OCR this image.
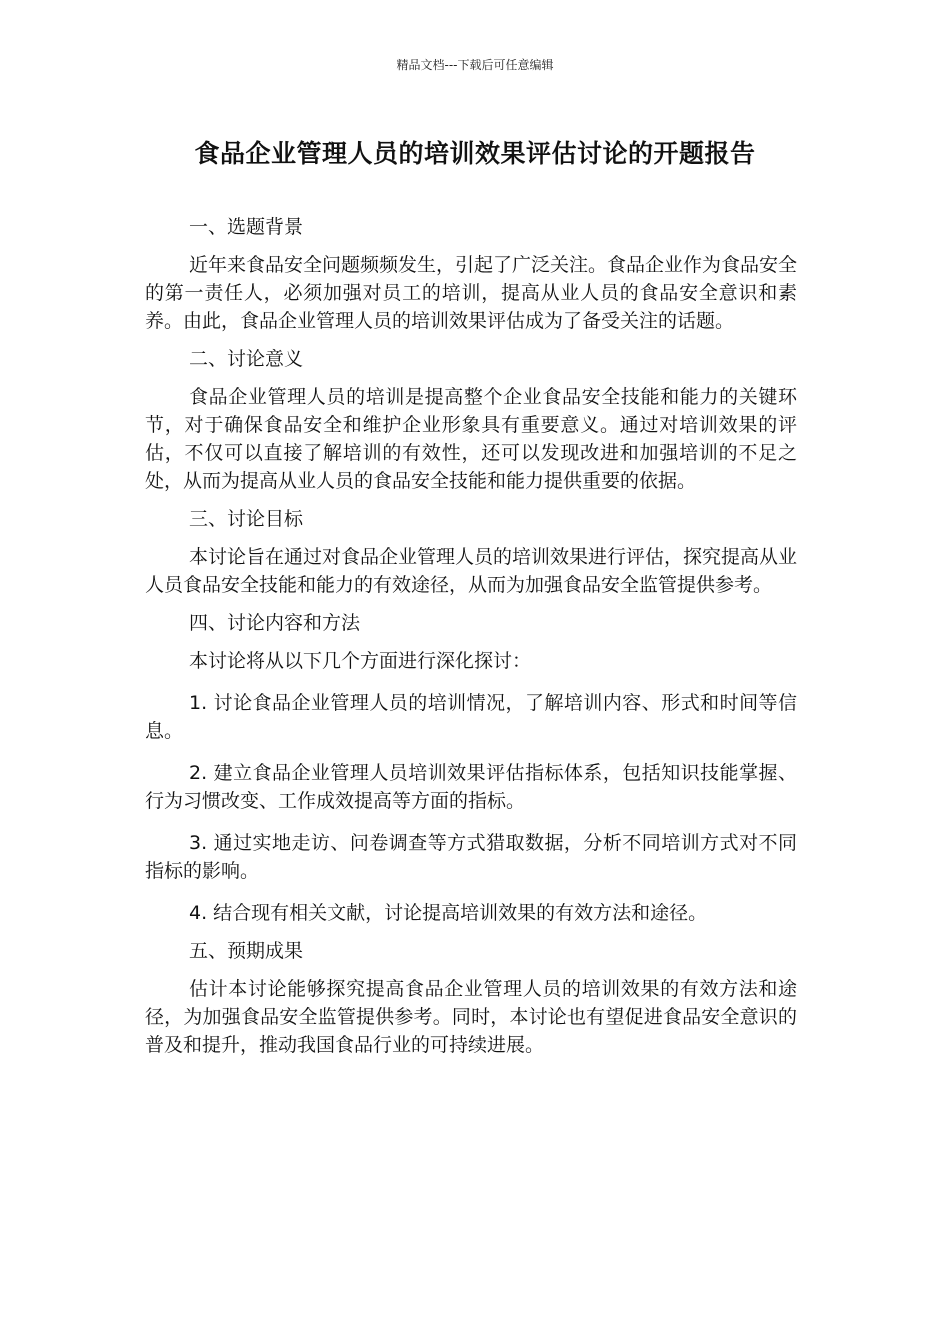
精品文档---下载后可任意编辑
食品企业管理人员的培训效果评估讨论的开题报告

一、选题背景

近年来食品安全问题频频发生，引起了广泛关注。食品企业作为食品安全的第一责任人，必须加强对员工的培训，提高从业人员的食品安全意识和素养。由此，食品企业管理人员的培训效果评估成为了备受关注的话题。

二、讨论意义

食品企业管理人员的培训是提高整个企业食品安全技能和能力的关键环节，对于确保食品安全和维护企业形象具有重要意义。通过对培训效果的评估，不仅可以直接了解培训的有效性，还可以发现改进和加强培训的不足之处，从而为提高从业人员的食品安全技能和能力提供重要的依据。

三、讨论目标

本讨论旨在通过对食品企业管理人员的培训效果进行评估，探究提高从业人员食品安全技能和能力的有效途径，从而为加强食品安全监管提供参考。

四、讨论内容和方法

本讨论将从以下几个方面进行深化探讨：

1. 讨论食品企业管理人员的培训情况，了解培训内容、形式和时间等信息。

2. 建立食品企业管理人员培训效果评估指标体系，包括知识技能掌握、行为习惯改变、工作成效提高等方面的指标。

3. 通过实地走访、问卷调查等方式猎取数据，分析不同培训方式对不同指标的影响。

4. 结合现有相关文献，讨论提高培训效果的有效方法和途径。

五、预期成果

估计本讨论能够探究提高食品企业管理人员的培训效果的有效方法和途径，为加强食品安全监管提供参考。同时，本讨论也有望促进食品安全意识的普及和提升，推动我国食品行业的可持续进展。
